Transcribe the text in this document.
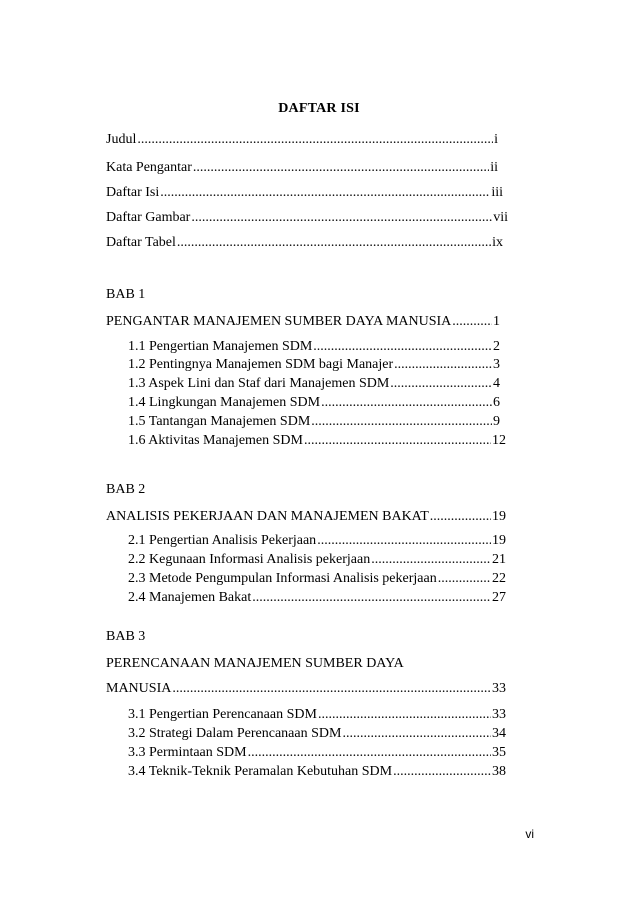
DAFTAR ISI
Judul .....	i
Kata Pengantar .....	ii
Daftar Isi .....	iii
Daftar Gambar .....	vii
Daftar Tabel .....	ix
BAB 1
PENGANTAR MANAJEMEN SUMBER DAYA MANUSIA .....	1
1.1 Pengertian Manajemen SDM .....	2
1.2 Pentingnya Manajemen SDM bagi Manajer .....	3
1.3 Aspek Lini dan Staf dari Manajemen SDM .....	4
1.4 Lingkungan Manajemen SDM .....	6
1.5 Tantangan Manajemen SDM .....	9
1.6 Aktivitas Manajemen SDM .....	12
BAB 2
ANALISIS PEKERJAAN DAN MANAJEMEN BAKAT .....	19
2.1 Pengertian Analisis Pekerjaan .....	19
2.2 Kegunaan Informasi Analisis pekerjaan .....	21
2.3 Metode Pengumpulan Informasi Analisis pekerjaan .....	22
2.4 Manajemen Bakat .....	27
BAB 3
PERENCANAAN MANAJEMEN SUMBER DAYA
MANUSIA .....	33
3.1 Pengertian Perencanaan SDM .....	33
3.2 Strategi Dalam Perencanaan SDM .....	34
3.3 Permintaan SDM .....	35
3.4 Teknik-Teknik Peramalan Kebutuhan SDM .....	38
vi
